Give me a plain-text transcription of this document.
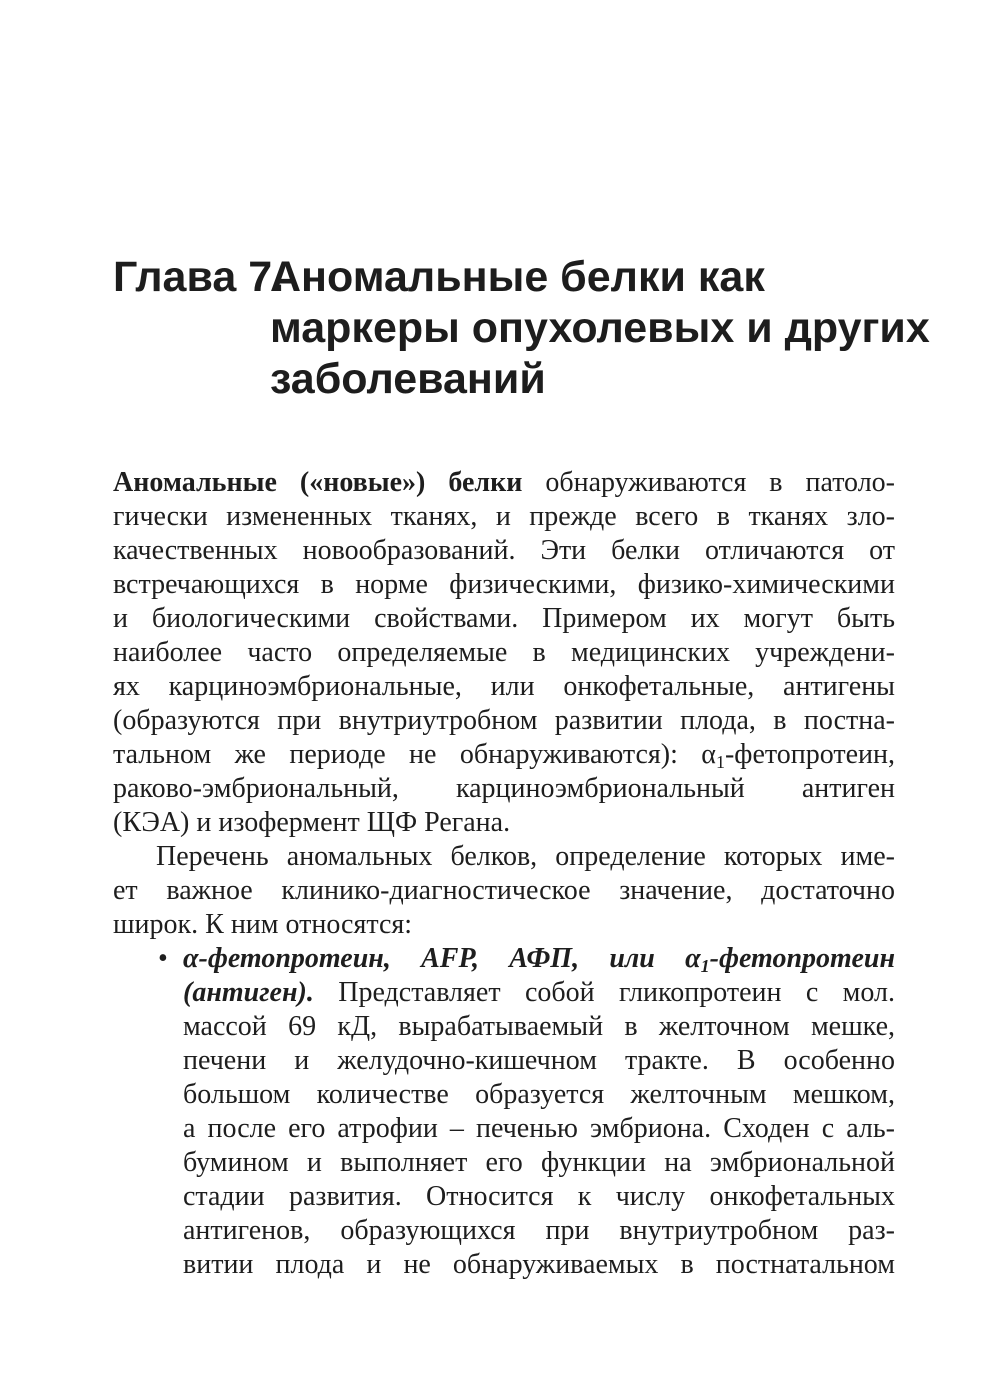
Глава 7.
Аномальные белки как
маркеры опухолевых и других
заболеваний
Аномальные («новые») белки обнаруживаются в патоло-
гически измененных тканях, и прежде всего в тканях зло-
качественных новообразований. Эти белки отличаются от
встречающихся в норме физическими, физико-химическими
и биологическими свойствами. Примером их могут быть
наиболее часто определяемые в медицинских учреждени-
ях карциноэмбриональные, или онкофетальные, антигены
(образуются при внутриутробном развитии плода, в постна-
тальном же периоде не обнаруживаются): $\alpha_1$-фетопротеин,
раково-эмбриональный, карциноэмбриональный антиген
(КЭА) и изофермент ЩФ Регана.
Перечень аномальных белков, определение которых име-
ет важное клинико-диагностическое значение, достаточно
широк. К ним относятся:
• α-фетопротеин, AFP, АФП, или $\alpha_1$-фетопротеин
(антиген). Представляет собой гликопротеин с мол.
массой 69 кД, вырабатываемый в желточном мешке,
печени и желудочно-кишечном тракте. В особенно
большом количестве образуется желточным мешком,
а после его атрофии – печенью эмбриона. Сходен с аль-
бумином и выполняет его функции на эмбриональной
стадии развития. Относится к числу онкофетальных
антигенов, образующихся при внутриутробном раз-
витии плода и не обнаруживаемых в постнатальном
